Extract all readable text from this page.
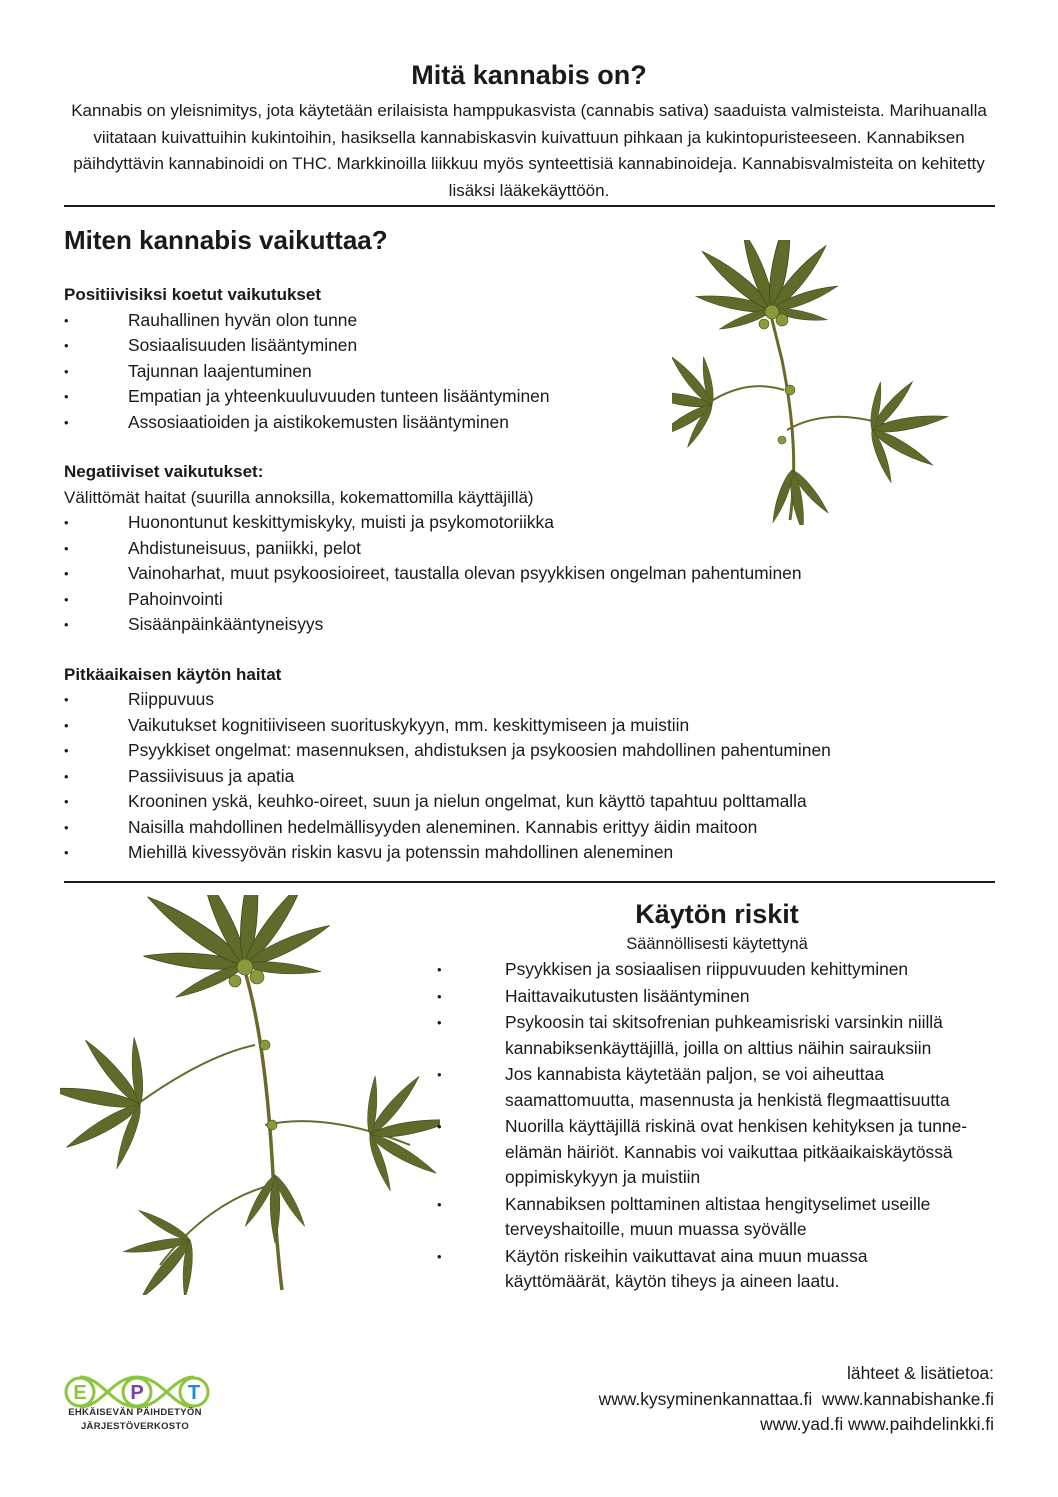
Mitä kannabis on?

Kannabis on yleisnimitys, jota käytetään erilaisista hamppukasvista (cannabis sativa) saaduista valmisteista. Marihuanalla viitataan kuivattuihin kukintoihin, hasiksella kannabiskasvin kuivattuun pihkaan ja kukintopuristeeseen. Kannabiksen päihdyttävin kannabinoidi on THC. Markkinoilla liikkuu myös synteettisiä kannabinoideja. Kannabisvalmisteita on kehitetty lisäksi lääkekäyttöön.

Miten kannabis vaikuttaa?
Positiivisiksi koetut vaikutukset
• Rauhallinen hyvän olon tunne
• Sosiaalisuuden lisääntyminen
• Tajunnan laajentuminen
• Empatian ja yhteenkuuluvuuden tunteen lisääntyminen
• Assosiaatioiden ja aistikokemusten lisääntyminen
Negatiiviset vaikutukset:

Välittömät haitat (suurilla annoksilla, kokemattomilla käyttäjillä)

• Huonontunut keskittymiskyky, muisti ja psykomotoriikka
• Ahdistuneisuus, paniikki, pelot
• Vainoharhat, muut psykoosioireet, taustalla olevan psyykkisen ongelman pahentuminen
• Pahoinvointi
• Sisäänpäinkääntyneisyys
Pitkäaikaisen käytön haitat
• Riippuvuus
• Vaikutukset kognitiiviseen suorituskykyyn, mm. keskittymiseen ja muistiin
• Psyykkiset ongelmat: masennuksen, ahdistuksen ja psykoosien mahdollinen pahentuminen
• Passiivisuus ja apatia
• Krooninen yskä, keuhko-oireet, suun ja nielun ongelmat, kun käyttö tapahtuu polttamalla
• Naisilla mahdollinen hedelmällisyyden aleneminen. Kannabis erittyy äidin maitoon
• Miehillä kivessyövän riskin kasvu ja potenssin mahdollinen aleneminen
Käytön riskit

Säännöllisesti käytettynä

• Psyykkisen ja sosiaalisen riippuvuuden kehittyminen
• Haittavaikutusten lisääntyminen
• Psykoosin tai skitsofrenian puhkeamisriski varsinkin niillä kannabiksenkäyttäjillä, joilla on alttius näihin sairauksiin
• Jos kannabista käytetään paljon, se voi aiheuttaa saamattomuutta, masennusta ja henkistä flegmaattisuutta
• Nuorilla käyttäjillä riskinä ovat henkisen kehityksen ja tunne-elämän häiriöt. Kannabis voi vaikuttaa pitkäaikaiskäytössä oppimiskykyyn ja muistiin
• Kannabiksen polttaminen altistaa hengityselimet useille terveyshaitoille, muun muassa syövälle
• Käytön riskeihin vaikuttavat aina muun muassa käyttömäärät, käytön tiheys ja aineen laatu.
E P T
EHKÄISEVÄN PÄIHDETYÖN
JÄRJESTÖVERKOSTO
lähteet & lisätietoa:
www.kysyminenkannattaa.fi  www.kannabishanke.fi
www.yad.fi www.paihdelinkki.fi
